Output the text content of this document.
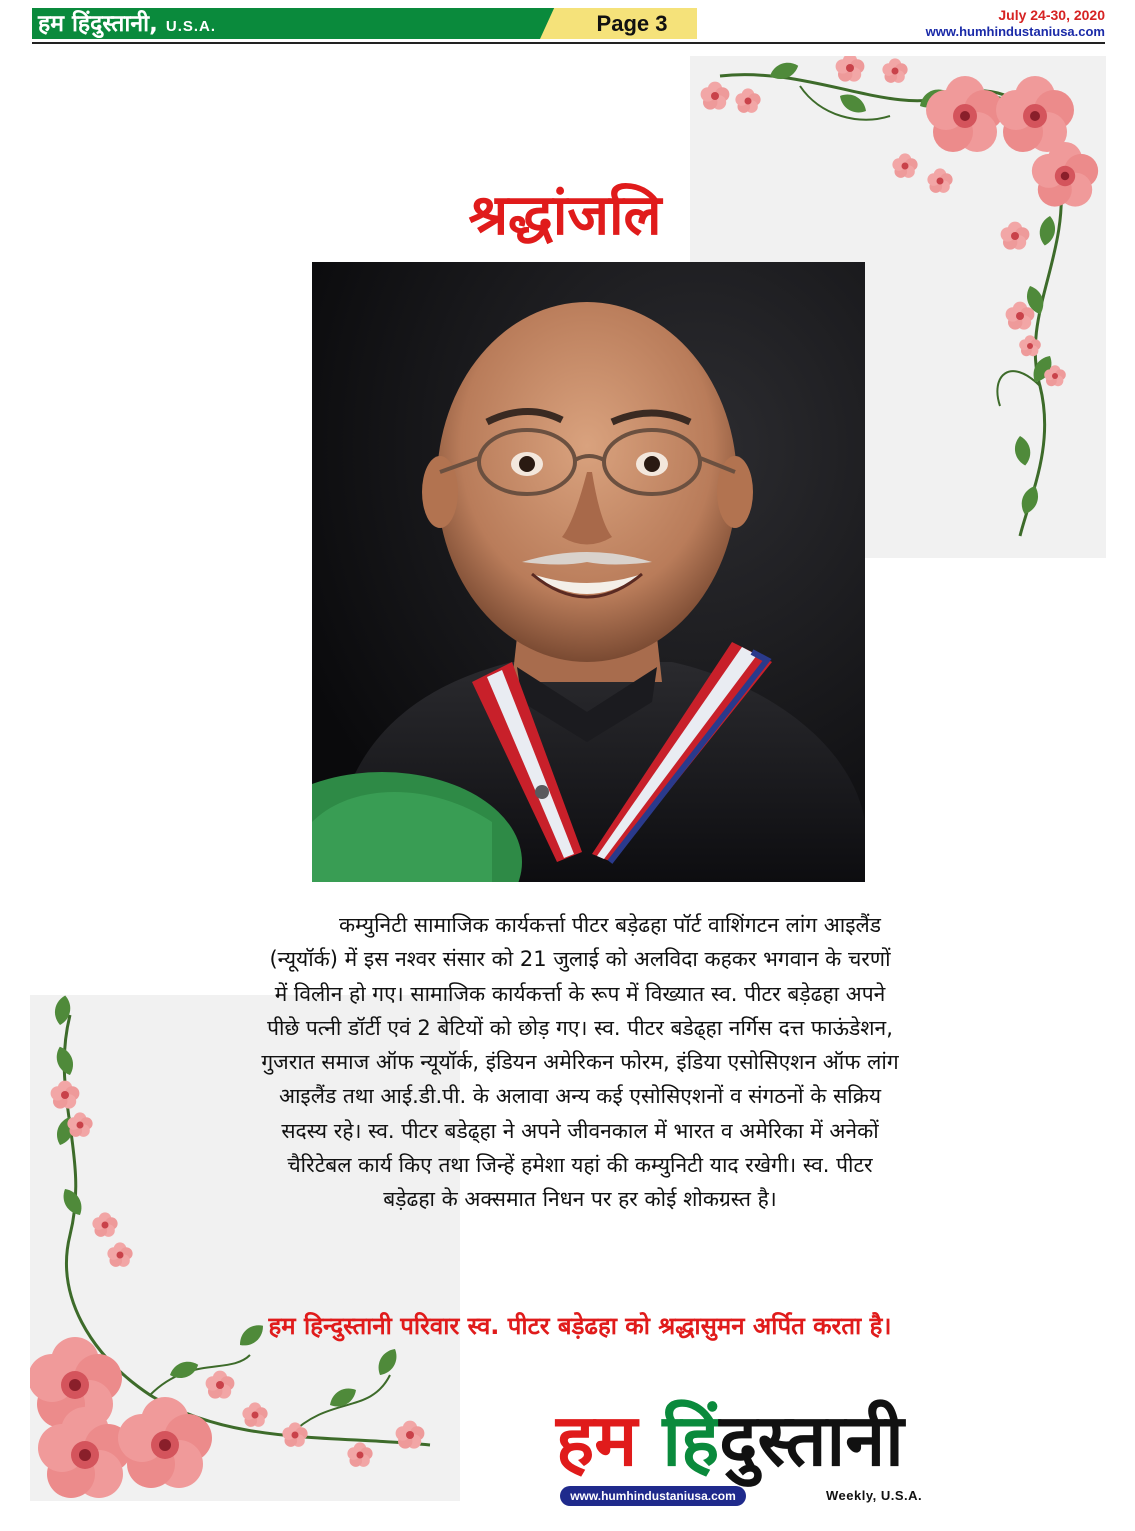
हम हिंदुस्तानी, U.S.A.	Page 3	July 24-30, 2020
www.humhindustaniusa.com
श्रद्धांजलि
कम्युनिटी सामाजिक कार्यकर्त्ता पीटर बड़ेढहा पॉर्ट वाशिंगटन लांग आइलैंड
(न्यूयॉर्क) में इस नश्वर संसार को 21 जुलाई को अलविदा कहकर भगवान के चरणों
में विलीन हो गए। सामाजिक कार्यकर्त्ता के रूप में विख्यात स्व. पीटर बड़ेढहा अपने
पीछे पत्नी डॉर्टी एवं 2 बेटियों को छोड़ गए। स्व. पीटर बडेढ्हा नर्गिस दत्त फाऊंडेशन,
गुजरात समाज ऑफ न्यूयॉर्क, इंडियन अमेरिकन फोरम, इंडिया एसोसिएशन ऑफ लांग
आइलैंड तथा आई.डी.पी. के अलावा अन्य कई एसोसिएशनों व संगठनों के सक्रिय
सदस्य रहे। स्व. पीटर बडेढ्हा ने अपने जीवनकाल में भारत व अमेरिका में अनेकों
चैरिटेबल कार्य किए तथा जिन्हें हमेशा यहां की कम्युनिटी याद रखेगी। स्व. पीटर
बड़ेढहा के अक्समात निधन पर हर कोई शोकग्रस्त है।
हम हिन्दुस्तानी परिवार स्व. पीटर बड़ेढहा को श्रद्धासुमन अर्पित करता है।
हम हिंदुस्तानी
www.humhindustaniusa.com	Weekly, U.S.A.
